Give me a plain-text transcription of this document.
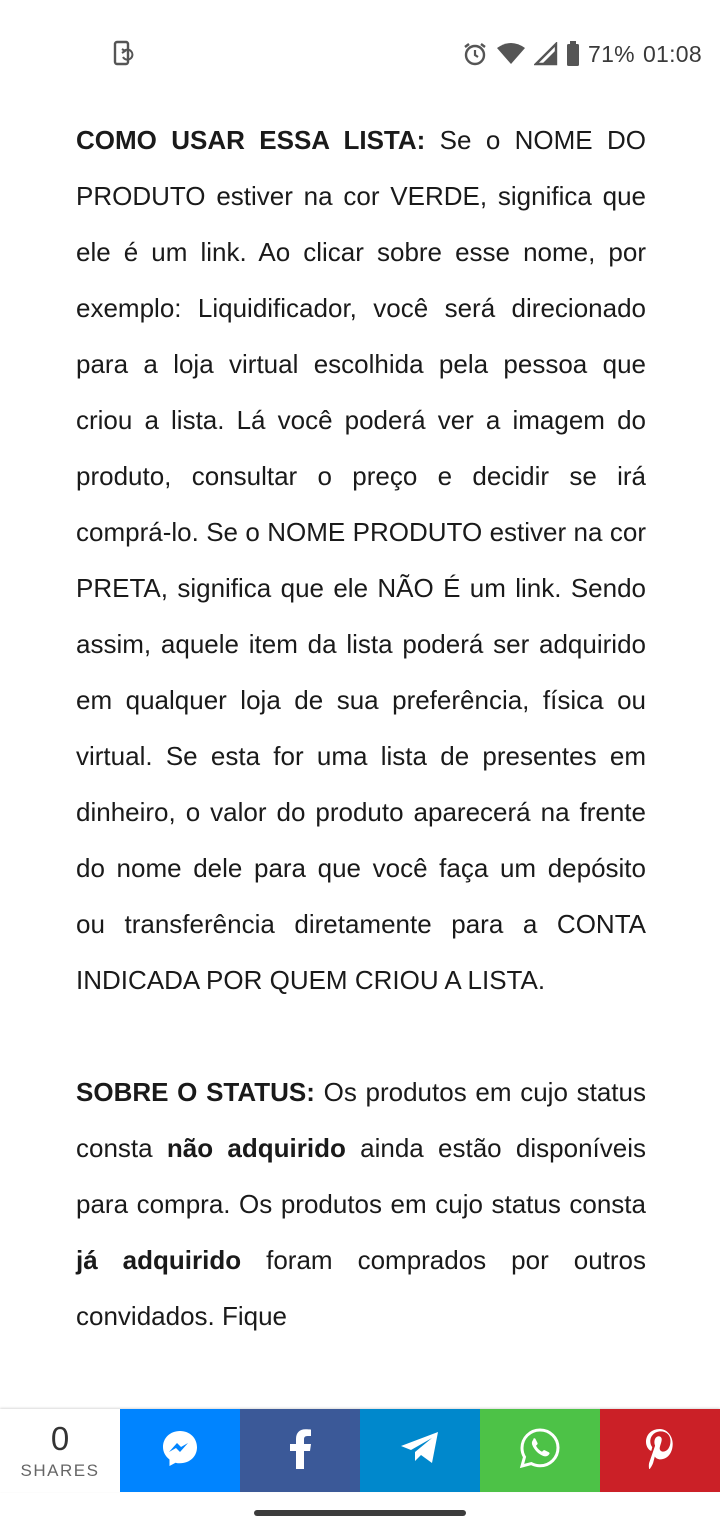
71% 01:08

COMO USAR ESSA LISTA: Se o NOME DO PRODUTO estiver na cor VERDE, significa que ele é um link. Ao clicar sobre esse nome, por exemplo: Liquidificador, você será direcionado para a loja virtual escolhida pela pessoa que criou a lista. Lá você poderá ver a imagem do produto, consultar o preço e decidir se irá comprá-lo. Se o NOME PRODUTO estiver na cor PRETA, significa que ele NÃO É um link. Sendo assim, aquele item da lista poderá ser adquirido em qualquer loja de sua preferência, física ou virtual. Se esta for uma lista de presentes em dinheiro, o valor do produto aparecerá na frente do nome dele para que você faça um depósito ou transferência diretamente para a CONTA INDICADA POR QUEM CRIOU A LISTA.

SOBRE O STATUS: Os produtos em cujo status consta não adquirido ainda estão disponíveis para compra. Os produtos em cujo status consta já adquirido foram comprados por outros convidados. Fique

0
SHARES
